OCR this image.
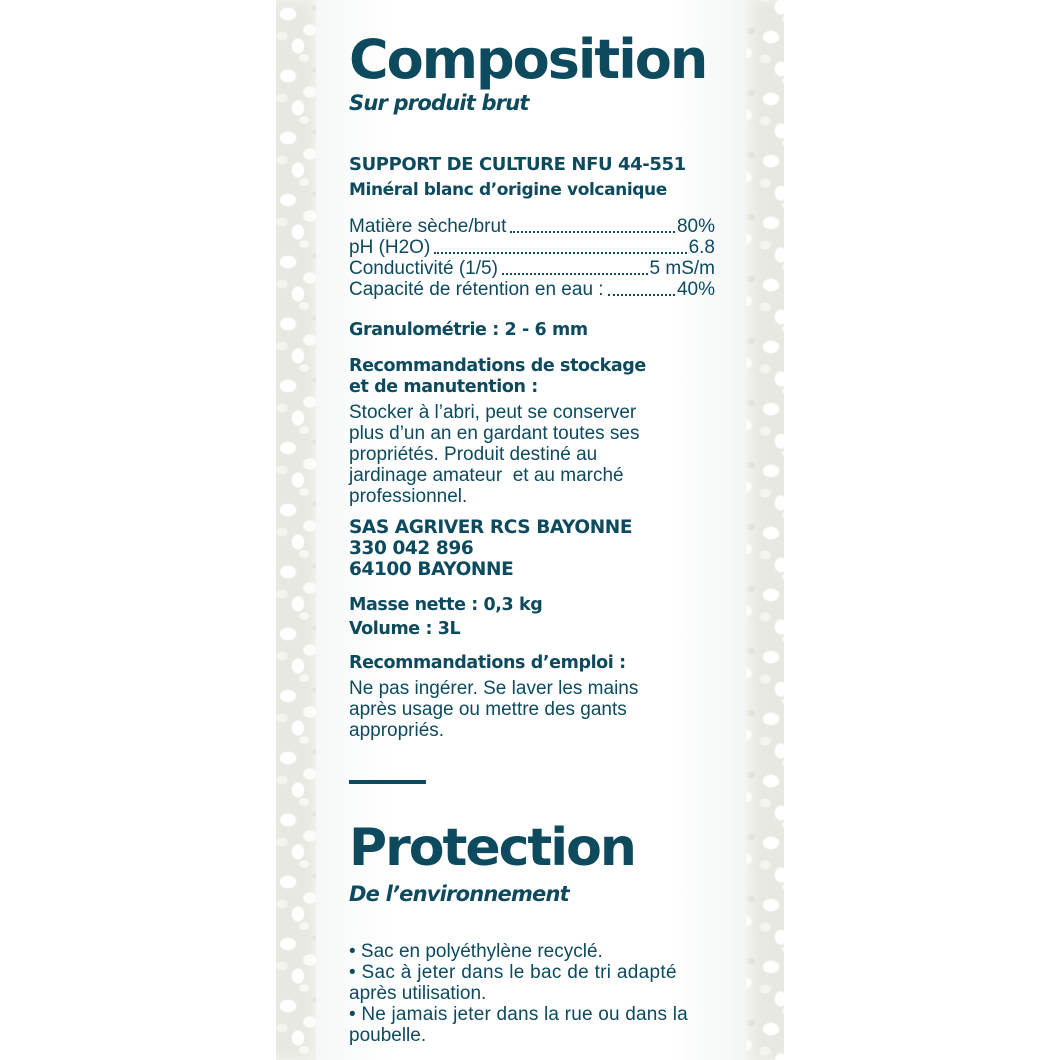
Composition
Sur produit brut
SUPPORT DE CULTURE NFU 44-551
Minéral blanc d’origine volcanique
Matière sèche/brut	80%
pH (H2O)	6.8
Conductivité (1/5)	5 mS/m
Capacité de rétention en eau :	40%
Granulométrie : 2 - 6 mm
Recommandations de stockage
et de manutention :
Stocker à l’abri, peut se conserver
plus d’un an en gardant toutes ses
propriétés. Produit destiné au
jardinage amateur  et au marché
professionnel.
SAS AGRIVER RCS BAYONNE
330 042 896
64100 BAYONNE
Masse nette : 0,3 kg
Volume : 3L
Recommandations d’emploi :
Ne pas ingérer. Se laver les mains
après usage ou mettre des gants
appropriés.
Protection
De l’environnement
• Sac en polyéthylène recyclé.
• Sac à jeter dans le bac de tri adapté
après utilisation.
• Ne jamais jeter dans la rue ou dans la
poubelle.
